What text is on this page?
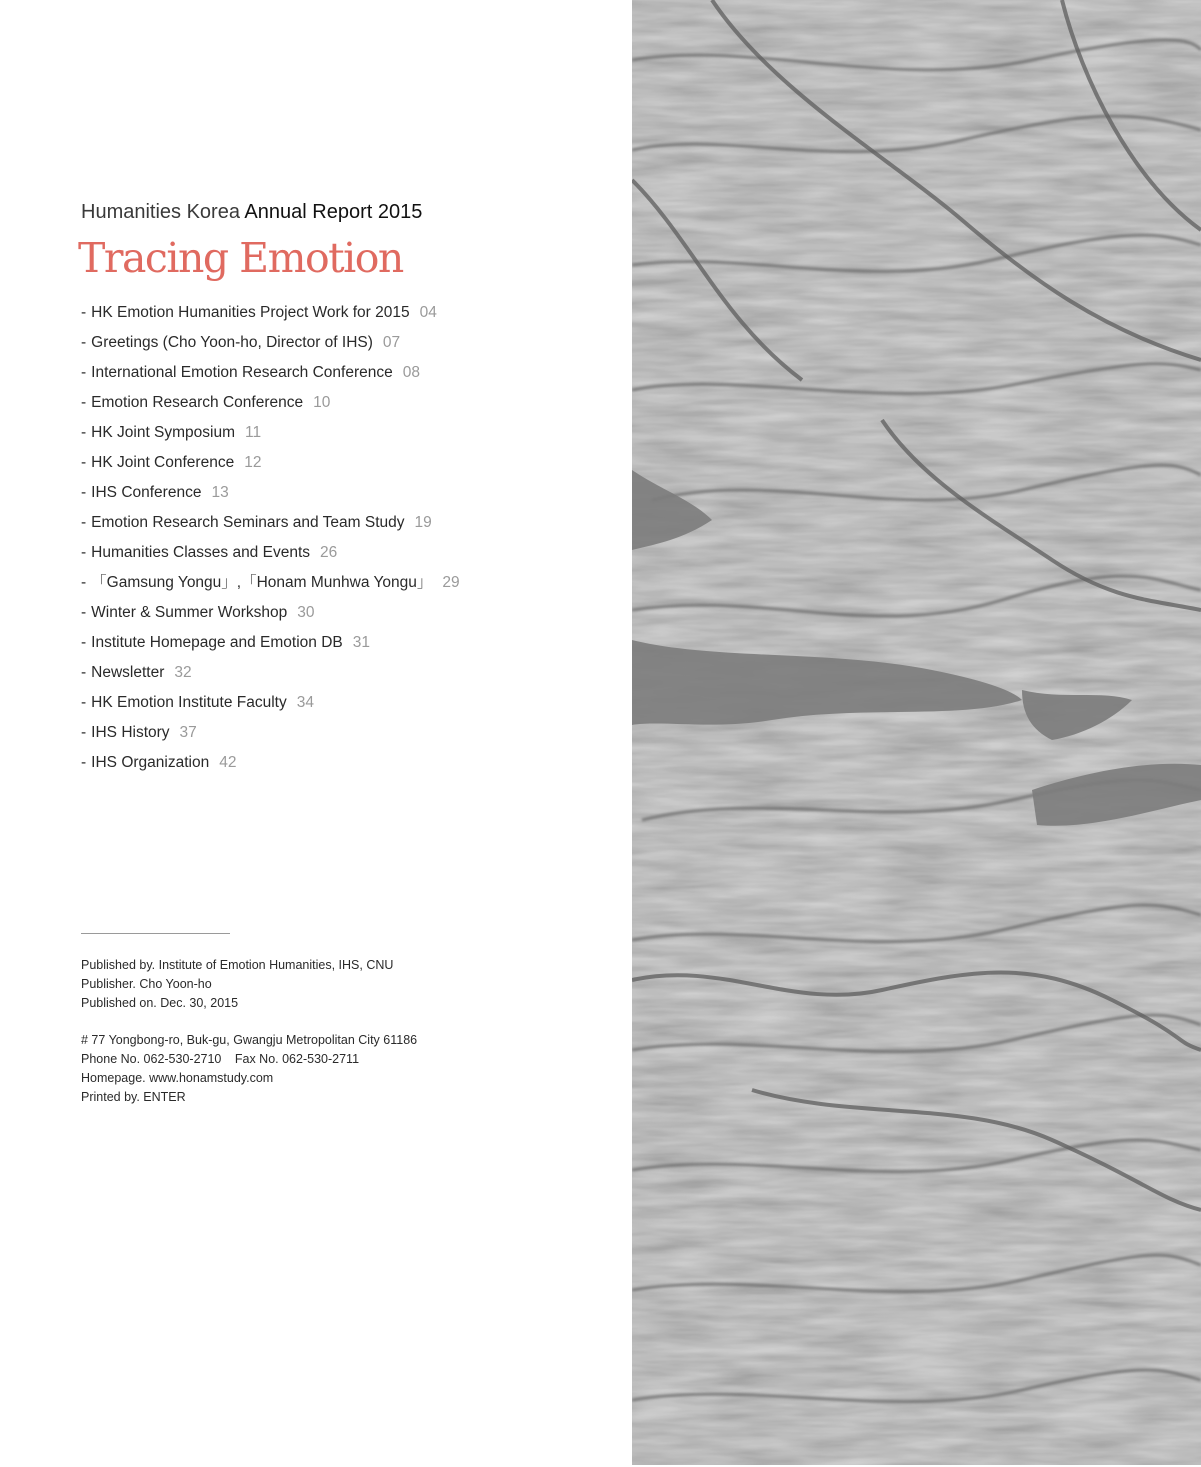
Humanities Korea Annual Report 2015
Tracing Emotion
- HK Emotion Humanities Project Work for 2015 04
- Greetings (Cho Yoon-ho, Director of IHS) 07
- International Emotion Research Conference 08
- Emotion Research Conference 10
- HK Joint Symposium 11
- HK Joint Conference 12
- IHS Conference 13
- Emotion Research Seminars and Team Study 19
- Humanities Classes and Events 26
- 「Gamsung Yongu」,「Honam Munhwa Yongu」 29
- Winter & Summer Workshop 30
- Institute Homepage and Emotion DB 31
- Newsletter 32
- HK Emotion Institute Faculty 34
- IHS History 37
- IHS Organization 42
Published by. Institute of Emotion Humanities, IHS, CNU
Publisher. Cho Yoon-ho
Published on. Dec. 30, 2015
# 77 Yongbong-ro, Buk-gu, Gwangju Metropolitan City 61186
Phone No. 062-530-2710 Fax No. 062-530-2711
Homepage. www.honamstudy.com
Printed by. ENTER
